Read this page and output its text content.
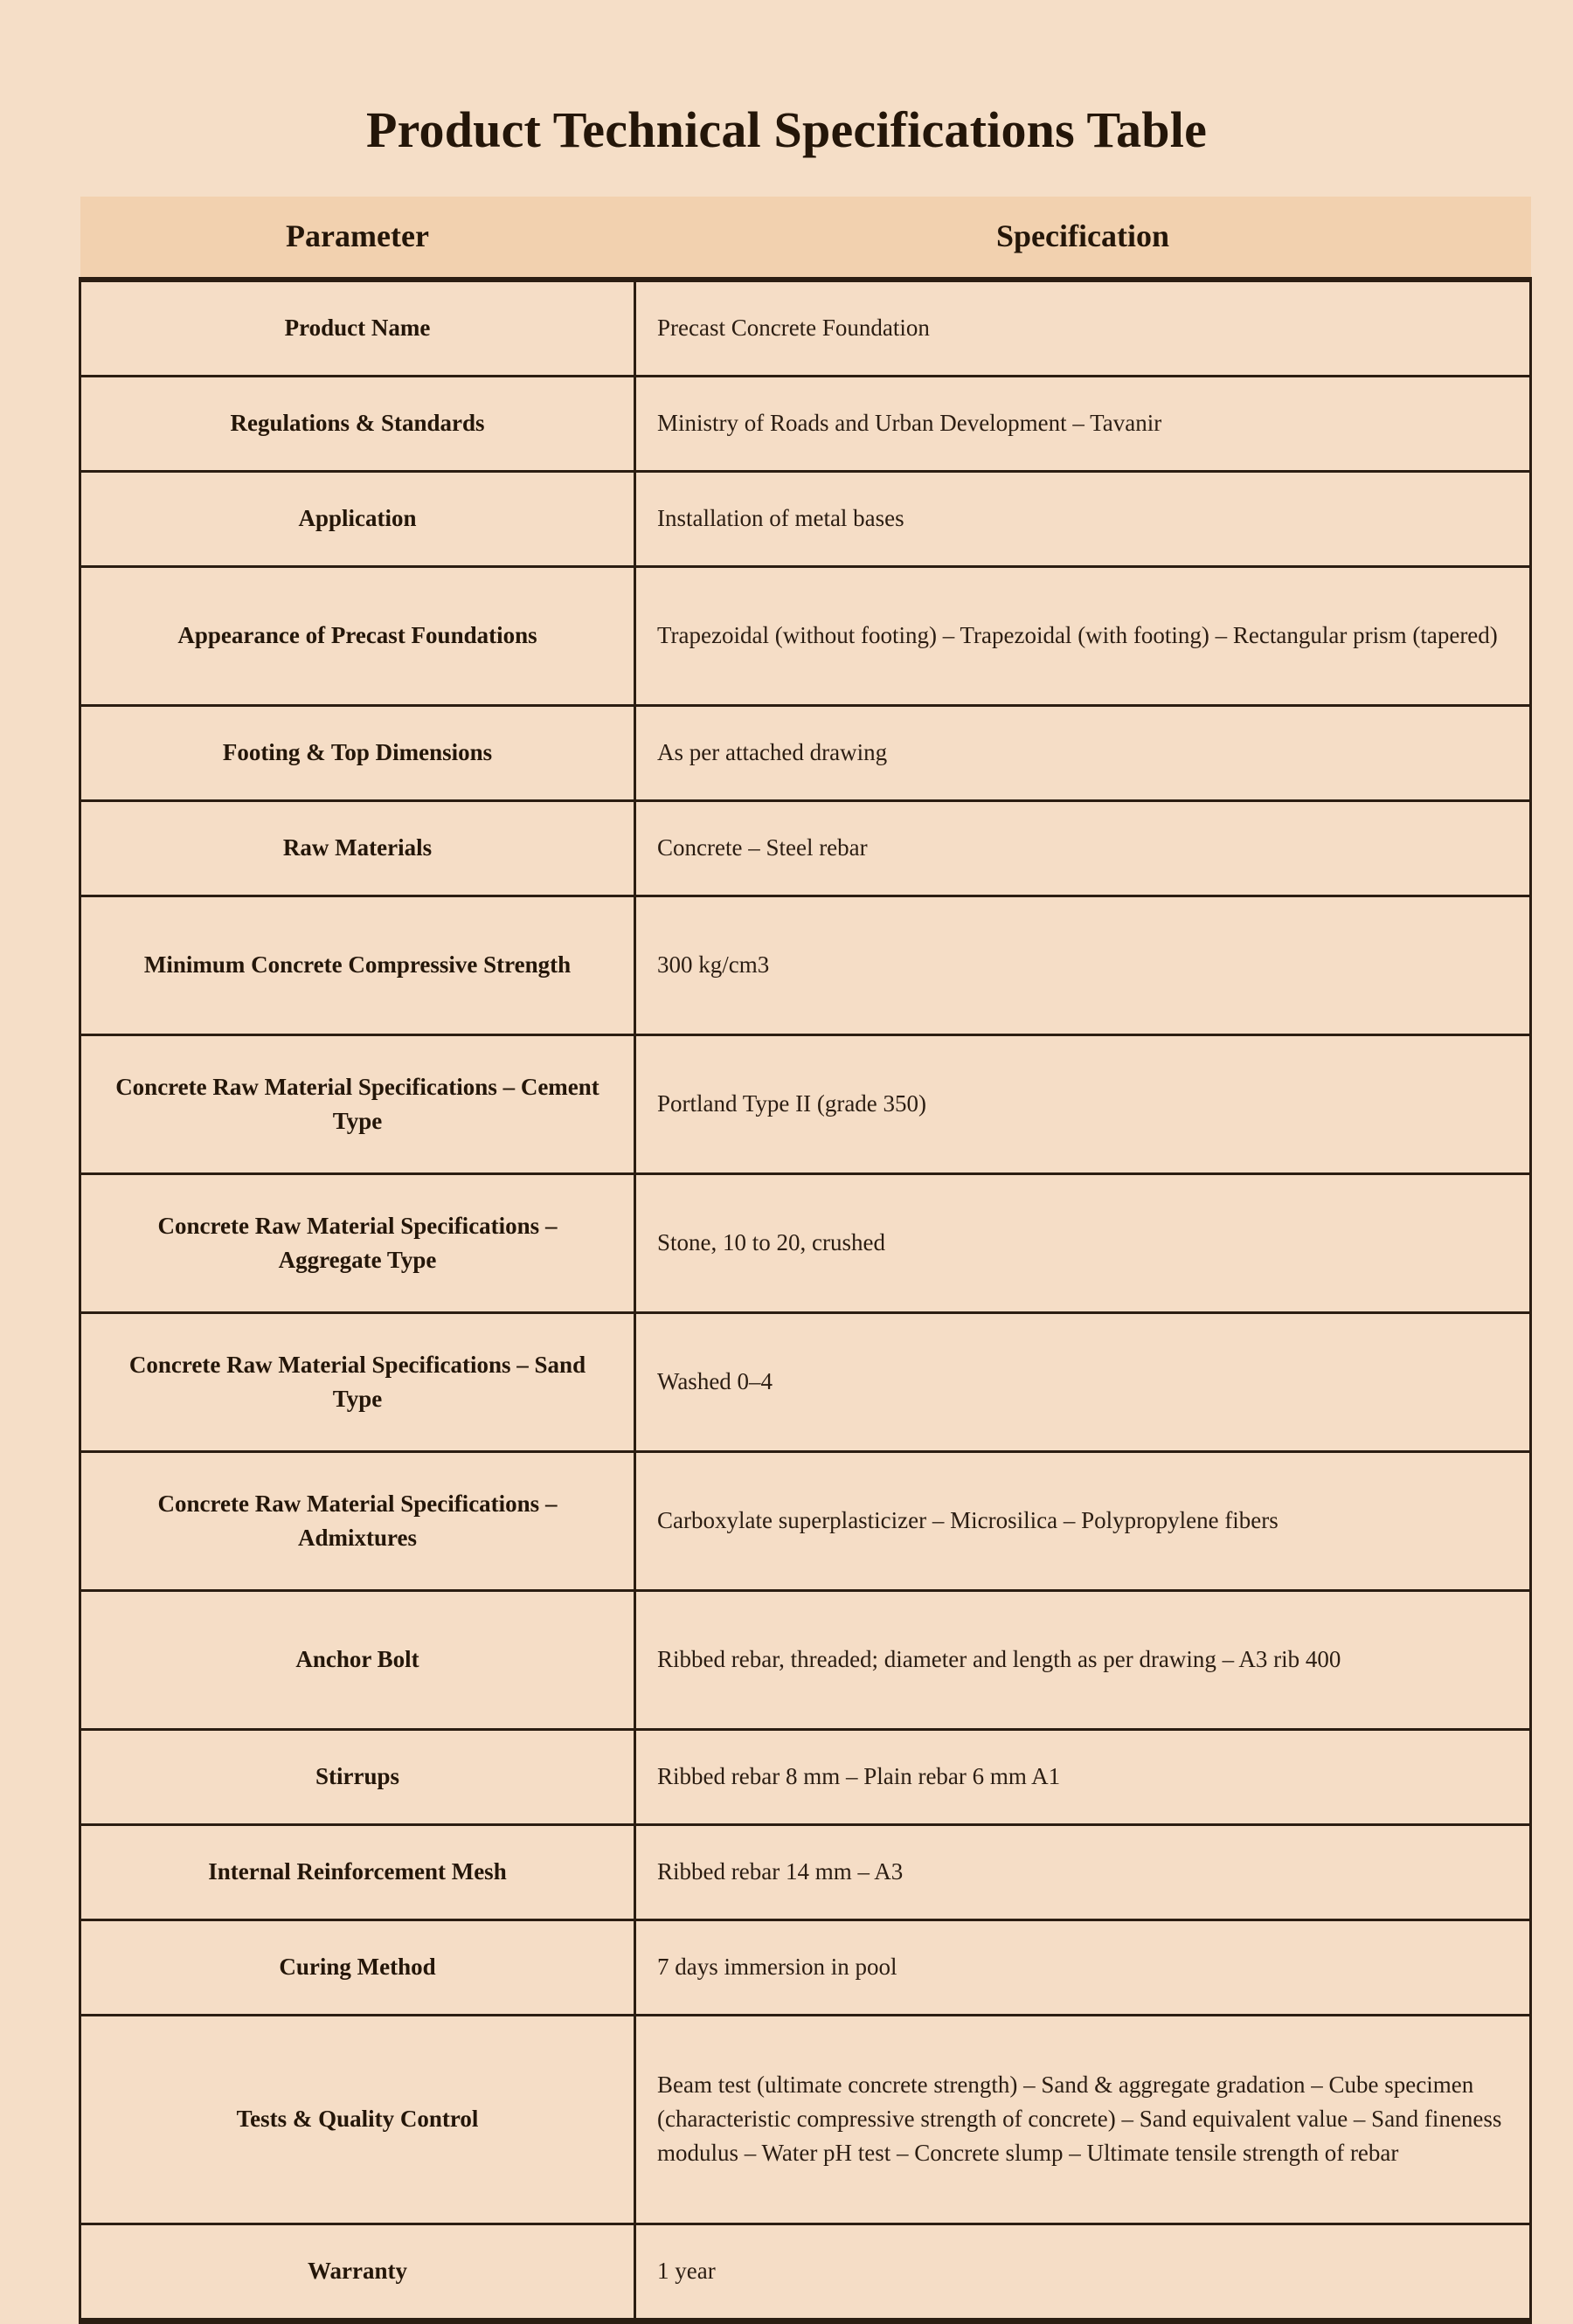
Product Technical Specifications Table
Parameter	Specification
Product Name	Precast Concrete Foundation
Regulations & Standards	Ministry of Roads and Urban Development – Tavanir
Application	Installation of metal bases
Appearance of Precast Foundations	Trapezoidal (without footing) – Trapezoidal (with footing) – Rectangular prism (tapered)
Footing & Top Dimensions	As per attached drawing
Raw Materials	Concrete – Steel rebar
Minimum Concrete Compressive Strength	300 kg/cm3
Concrete Raw Material Specifications – Cement Type	Portland Type II (grade 350)
Concrete Raw Material Specifications – Aggregate Type	Stone, 10 to 20, crushed
Concrete Raw Material Specifications – Sand Type	Washed 0–4
Concrete Raw Material Specifications – Admixtures	Carboxylate superplasticizer – Microsilica – Polypropylene fibers
Anchor Bolt	Ribbed rebar, threaded; diameter and length as per drawing – A3 rib 400
Stirrups	Ribbed rebar 8 mm – Plain rebar 6 mm A1
Internal Reinforcement Mesh	Ribbed rebar 14 mm – A3
Curing Method	7 days immersion in pool
Tests & Quality Control	Beam test (ultimate concrete strength) – Sand & aggregate gradation – Cube specimen (characteristic compressive strength of concrete) – Sand equivalent value – Sand fineness modulus – Water pH test – Concrete slump – Ultimate tensile strength of rebar
Warranty	1 year
